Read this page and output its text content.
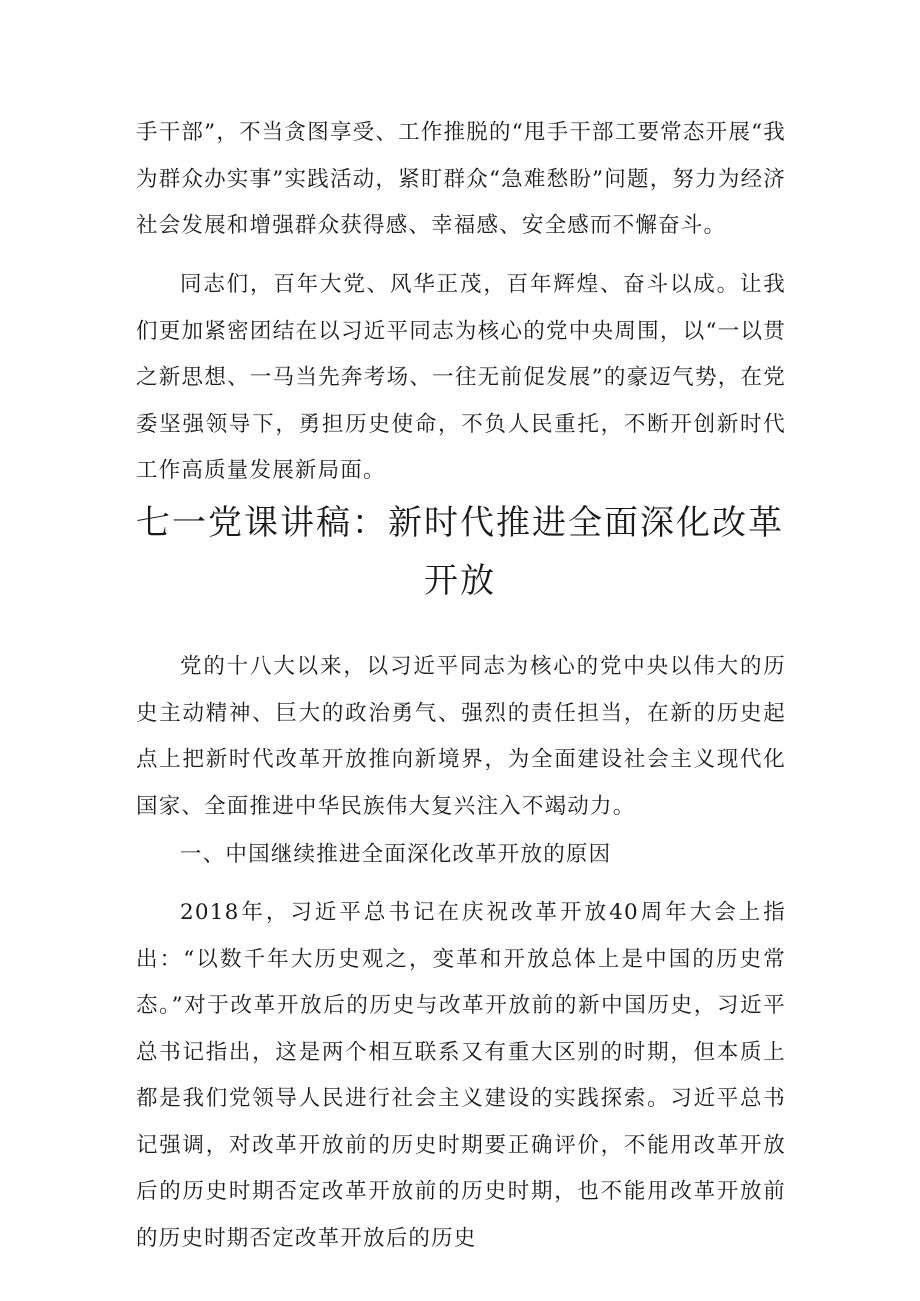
手干部”，不当贪图享受、工作推脱的“甩手干部工要常态开展“我为群众办实事”实践活动，紧盯群众“急难愁盼”问题，努力为经济社会发展和增强群众获得感、幸福感、安全感而不懈奋斗。

同志们，百年大党、风华正茂，百年辉煌、奋斗以成。让我们更加紧密团结在以习近平同志为核心的党中央周围，以“一以贯之新思想、一马当先奔考场、一往无前促发展”的豪迈气势，在党委坚强领导下，勇担历史使命，不负人民重托，不断开创新时代工作高质量发展新局面。

七一党课讲稿：新时代推进全面深化改革开放

党的十八大以来，以习近平同志为核心的党中央以伟大的历史主动精神、巨大的政治勇气、强烈的责任担当，在新的历史起点上把新时代改革开放推向新境界，为全面建设社会主义现代化国家、全面推进中华民族伟大复兴注入不竭动力。

一、中国继续推进全面深化改革开放的原因

2018年，习近平总书记在庆祝改革开放40周年大会上指出：“以数千年大历史观之，变革和开放总体上是中国的历史常态。”对于改革开放后的历史与改革开放前的新中国历史，习近平总书记指出，这是两个相互联系又有重大区别的时期，但本质上都是我们党领导人民进行社会主义建设的实践探索。习近平总书记强调，对改革开放前的历史时期要正确评价，不能用改革开放后的历史时期否定改革开放前的历史时期，也不能用改革开放前的历史时期否定改革开放后的历史
